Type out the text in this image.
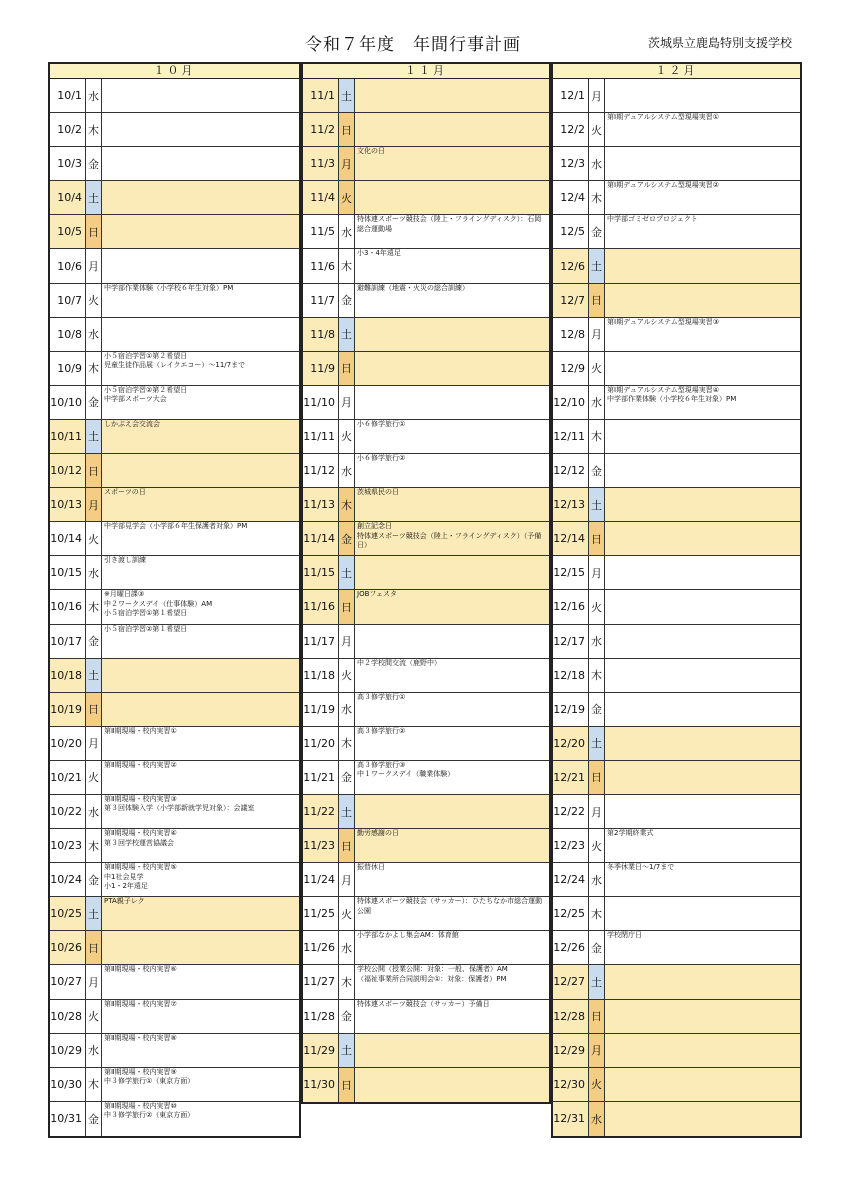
令和７年度　年間行事計画	茨城県立鹿島特別支援学校
１０月
10/1 水
10/2 木
10/3 金
10/4 土
10/5 日
10/6 月
10/7 火
中学部作業体験（小学校６年生対象）PM
10/8 水
10/9 木
小５宿泊学習①第２希望日
児童生徒作品展（レイクエコー）～11/7まで
10/10 金
小５宿泊学習②第２希望日
中学部スポーツ大会
10/11 土
しかぷえ会交流会
10/12 日
10/13 月
スポーツの日
10/14 火
中学部見学会（小学部６年生保護者対象）PM
10/15 水
引き渡し訓練
10/16 木
※月曜日課③
中２ワークスデイ（仕事体験）AM
小５宿泊学習①第１希望日
10/17 金
小５宿泊学習②第１希望日
10/18 土
10/19 日
10/20 月
第Ⅱ期現場・校内実習①
10/21 火
第Ⅱ期現場・校内実習②
10/22 水
第Ⅱ期現場・校内実習③
第３回体験入学（小学部新就学児対象）：会議室
10/23 木
第Ⅱ期現場・校内実習④
第３回学校運営協議会
10/24 金
第Ⅱ期現場・校内実習⑤
中1社会見学
小1・2年遠足
10/25 土
PTA親子レク
10/26 日
10/27 月
第Ⅱ期現場・校内実習⑥
10/28 火
第Ⅱ期現場・校内実習⑦
10/29 水
第Ⅱ期現場・校内実習⑧
10/30 木
第Ⅱ期現場・校内実習⑨
中３修学旅行①（東京方面）
10/31 金
第Ⅱ期現場・校内実習⑩
中３修学旅行②（東京方面）
１１月
11/1 土
11/2 日
11/3 月
文化の日
11/4 火
11/5 水
特体連スポーツ競技会（陸上・フライングディスク）：石岡総合運動場
11/6 木
小3・4年遠足
11/7 金
避難訓練（地震・火災の総合訓練）
11/8 土
11/9 日
11/10 月
11/11 火
小６修学旅行①
11/12 水
小６修学旅行②
11/13 木
茨城県民の日
11/14 金
創立記念日
特体連スポーツ競技会（陸上・フライングディスク）（予備日）
11/15 土
11/16 日
JOBフェスタ
11/17 月
11/18 火
中２学校間交流（鹿野中）
11/19 水
高３修学旅行①
11/20 木
高３修学旅行②
11/21 金
高３修学旅行③
中１ワークスデイ（職業体験）
11/22 土
11/23 日
勤労感謝の日
11/24 月
振替休日
11/25 火
特体連スポーツ競技会（サッカー）：ひたちなか市総合運動公園
11/26 水
小学部なかよし集会AM：体育館
11/27 木
学校公開（授業公開：対象：一般、保護者）AM
（福祉事業所合同説明会①：対象：保護者）PM
11/28 金
特体連スポーツ競技会（サッカー）予備日
11/29 土
11/30 日
１２月
12/1 月
12/2 火
第Ⅰ期デュアルシステム型現場実習①
12/3 水
12/4 木
第Ⅰ期デュアルシステム型現場実習②
12/5 金
中学部ゴミゼロプロジェクト
12/6 土
12/7 日
12/8 月
第Ⅰ期デュアルシステム型現場実習③
12/9 火
12/10 水
第Ⅰ期デュアルシステム型現場実習④
中学部作業体験（小学校６年生対象）PM
12/11 木
12/12 金
12/13 土
12/14 日
12/15 月
12/16 火
12/17 水
12/18 木
12/19 金
12/20 土
12/21 日
12/22 月
12/23 火
第2学期終業式
12/24 水
冬季休業日～1/7まで
12/25 木
12/26 金
学校閉庁日
12/27 土
12/28 日
12/29 月
12/30 火
12/31 水
